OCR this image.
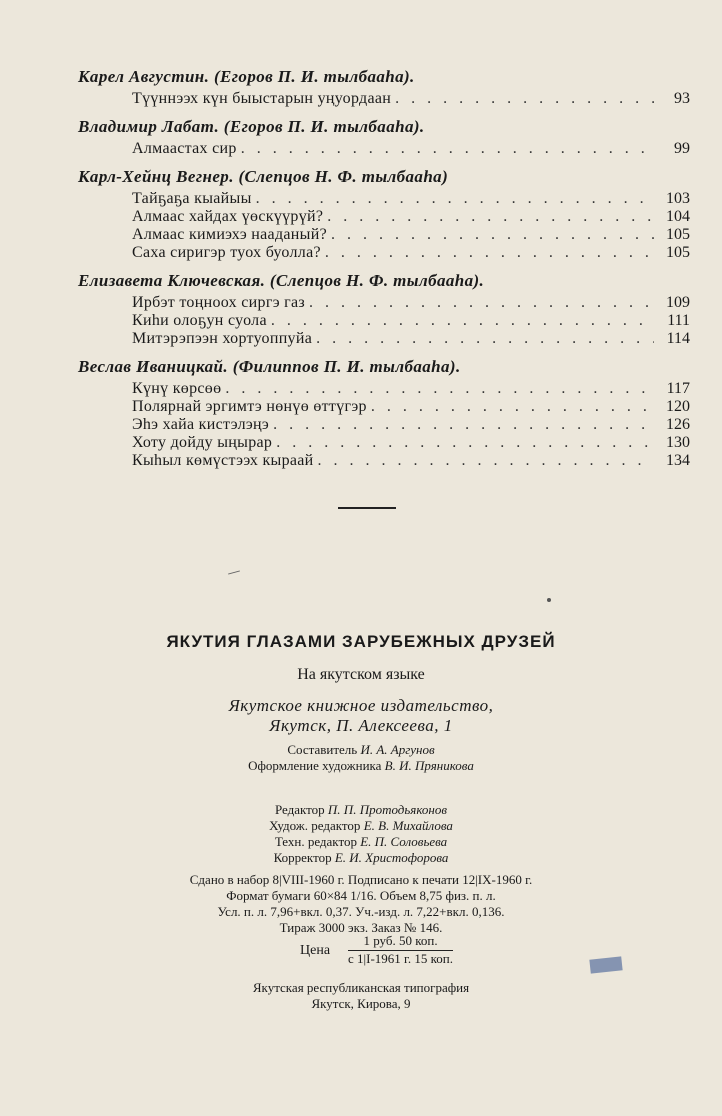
Карел Августин. (Егоров П. И. тылбааһа).
Түүннээх күн быыстарын уңуордаан . . .	93
Владимир Лабат. (Егоров П. И. тылбааһа).
Алмаастах сир . . .	99
Карл-Хейнц Вегнер. (Слепцов Н. Ф. тылбааһа)
Тайҕаҕа кыайыы . . .	103
Алмаас хайдах үөскүүрүй? . . .	104
Алмаас кимиэхэ нааданый? . . .	105
Саха сиригэр туох буолла? . . .	105
Елизавета Ключевская. (Слепцов Н. Ф. тылбааһа).
Ирбэт тоңноох сиргэ газ . . .	109
Киһи олоҕун суола . . .	111
Митэрэпээн хортуоппуйа . . .	114
Веслав Иваницкай. (Филиппов П. И. тылбааһа).
Күнү көрсөө . . .	117
Полярнай эргимтэ нөнүө өттүгэр . . .	120
Эһэ хайа кистэлэңэ . . .	126
Хоту дойду ыңырар . . .	130
Кыһыл көмүстээх кыраай . . .	134
ЯКУТИЯ ГЛАЗАМИ ЗАРУБЕЖНЫХ ДРУЗЕЙ
На якутском языке
Якутское книжное издательство,
Якутск, П. Алексеева, 1
Составитель И. А. Аргунов
Оформление художника В. И. Пряникова
Редактор П. П. Протодьяконов
Худож. редактор Е. В. Михайлова
Техн. редактор Е. П. Соловьева
Корректор Е. И. Христофорова
Сдано в набор 8|VIII-1960 г. Подписано к печати 12|IX-1960 г.
Формат бумаги 60×84 1/16. Объем 8,75 физ. п. л.
Усл. п. л. 7,96+вкл. 0,37. Уч.-изд. л. 7,22+вкл. 0,136.
Тираж 3000 экз. Заказ № 146.
Цена
1 руб. 50 коп.
с 1|I-1961 г. 15 коп.
Якутская республиканская типография
Якутск, Кирова, 9
